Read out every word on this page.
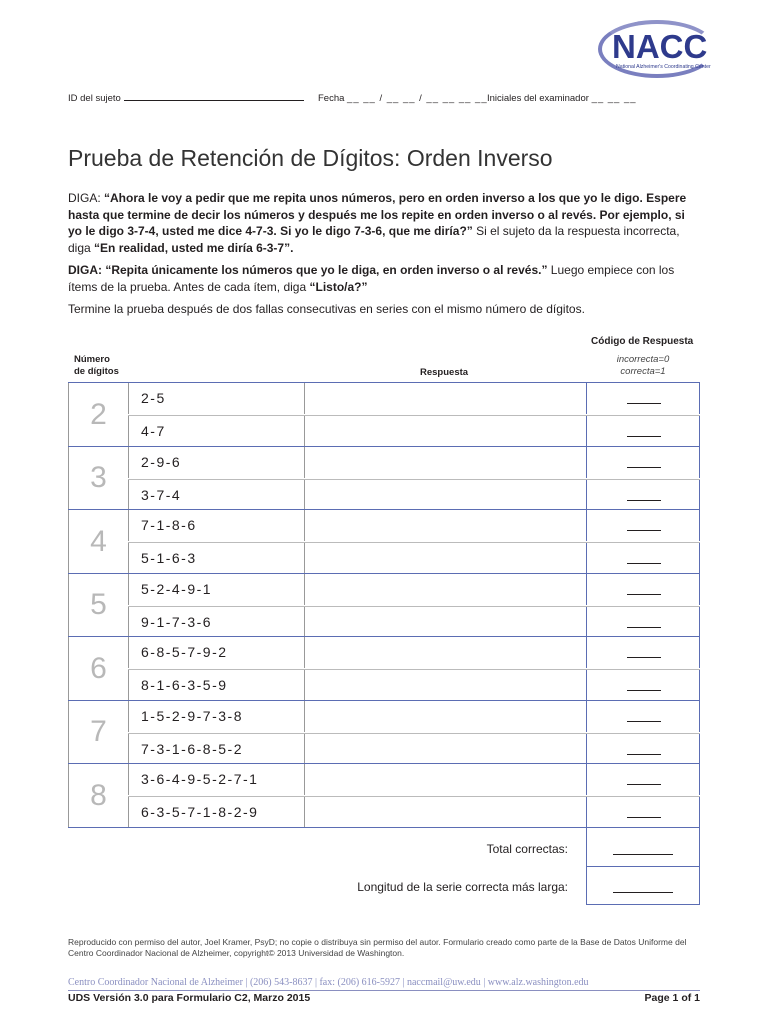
NACC
National Alzheimer's Coordinating Center
ID del sujeto	Fecha __ __ / __ __ / __ __ __ __ Iniciales del examinador __ __ __
Prueba de Retención de Dígitos: Orden Inverso
DIGA: “Ahora le voy a pedir que me repita unos números, pero en orden inverso a los que yo le digo. Espere hasta que termine de decir los números y después me los repite en orden inverso o al revés. Por ejemplo, si yo le digo 3-7-4, usted me dice 4-7-3. Si yo le digo 7-3-6, que me diría?” Si el sujeto da la respuesta incorrecta, diga “En realidad, usted me diría 6-3-7”.
DIGA: “Repita únicamente los números que yo le diga, en orden inverso o al revés.” Luego empiece con los ítems de la prueba. Antes de cada ítem, diga “Listo/a?”
Termine la prueba después de dos fallas consecutivas en series con el mismo número de dígitos.
Número
de dígitos	Respuesta
Código de Respuesta
incorrecta=0
correcta=1
2	2-5
4-7
3	2-9-6
3-7-4
4	7-1-8-6
5-1-6-3
5	5-2-4-9-1
9-1-7-3-6
6	6-8-5-7-9-2
8-1-6-3-5-9
7	1-5-2-9-7-3-8
7-3-1-6-8-5-2
8	3-6-4-9-5-2-7-1
6-3-5-7-1-8-2-9
Total correctas:
Longitud de la serie correcta más larga:
Reproducido con permiso del autor, Joel Kramer, PsyD; no copie o distribuya sin permiso del autor. Formulario creado como parte de la Base de Datos Uniforme del Centro Coordinador Nacional de Alzheimer, copyright© 2013 Universidad de Washington.
Centro Coordinador Nacional de Alzheimer | (206) 543-8637 | fax: (206) 616-5927 | naccmail@uw.edu | www.alz.washington.edu
UDS Versión 3.0 para Formulario C2, Marzo 2015	Page 1 of 1
